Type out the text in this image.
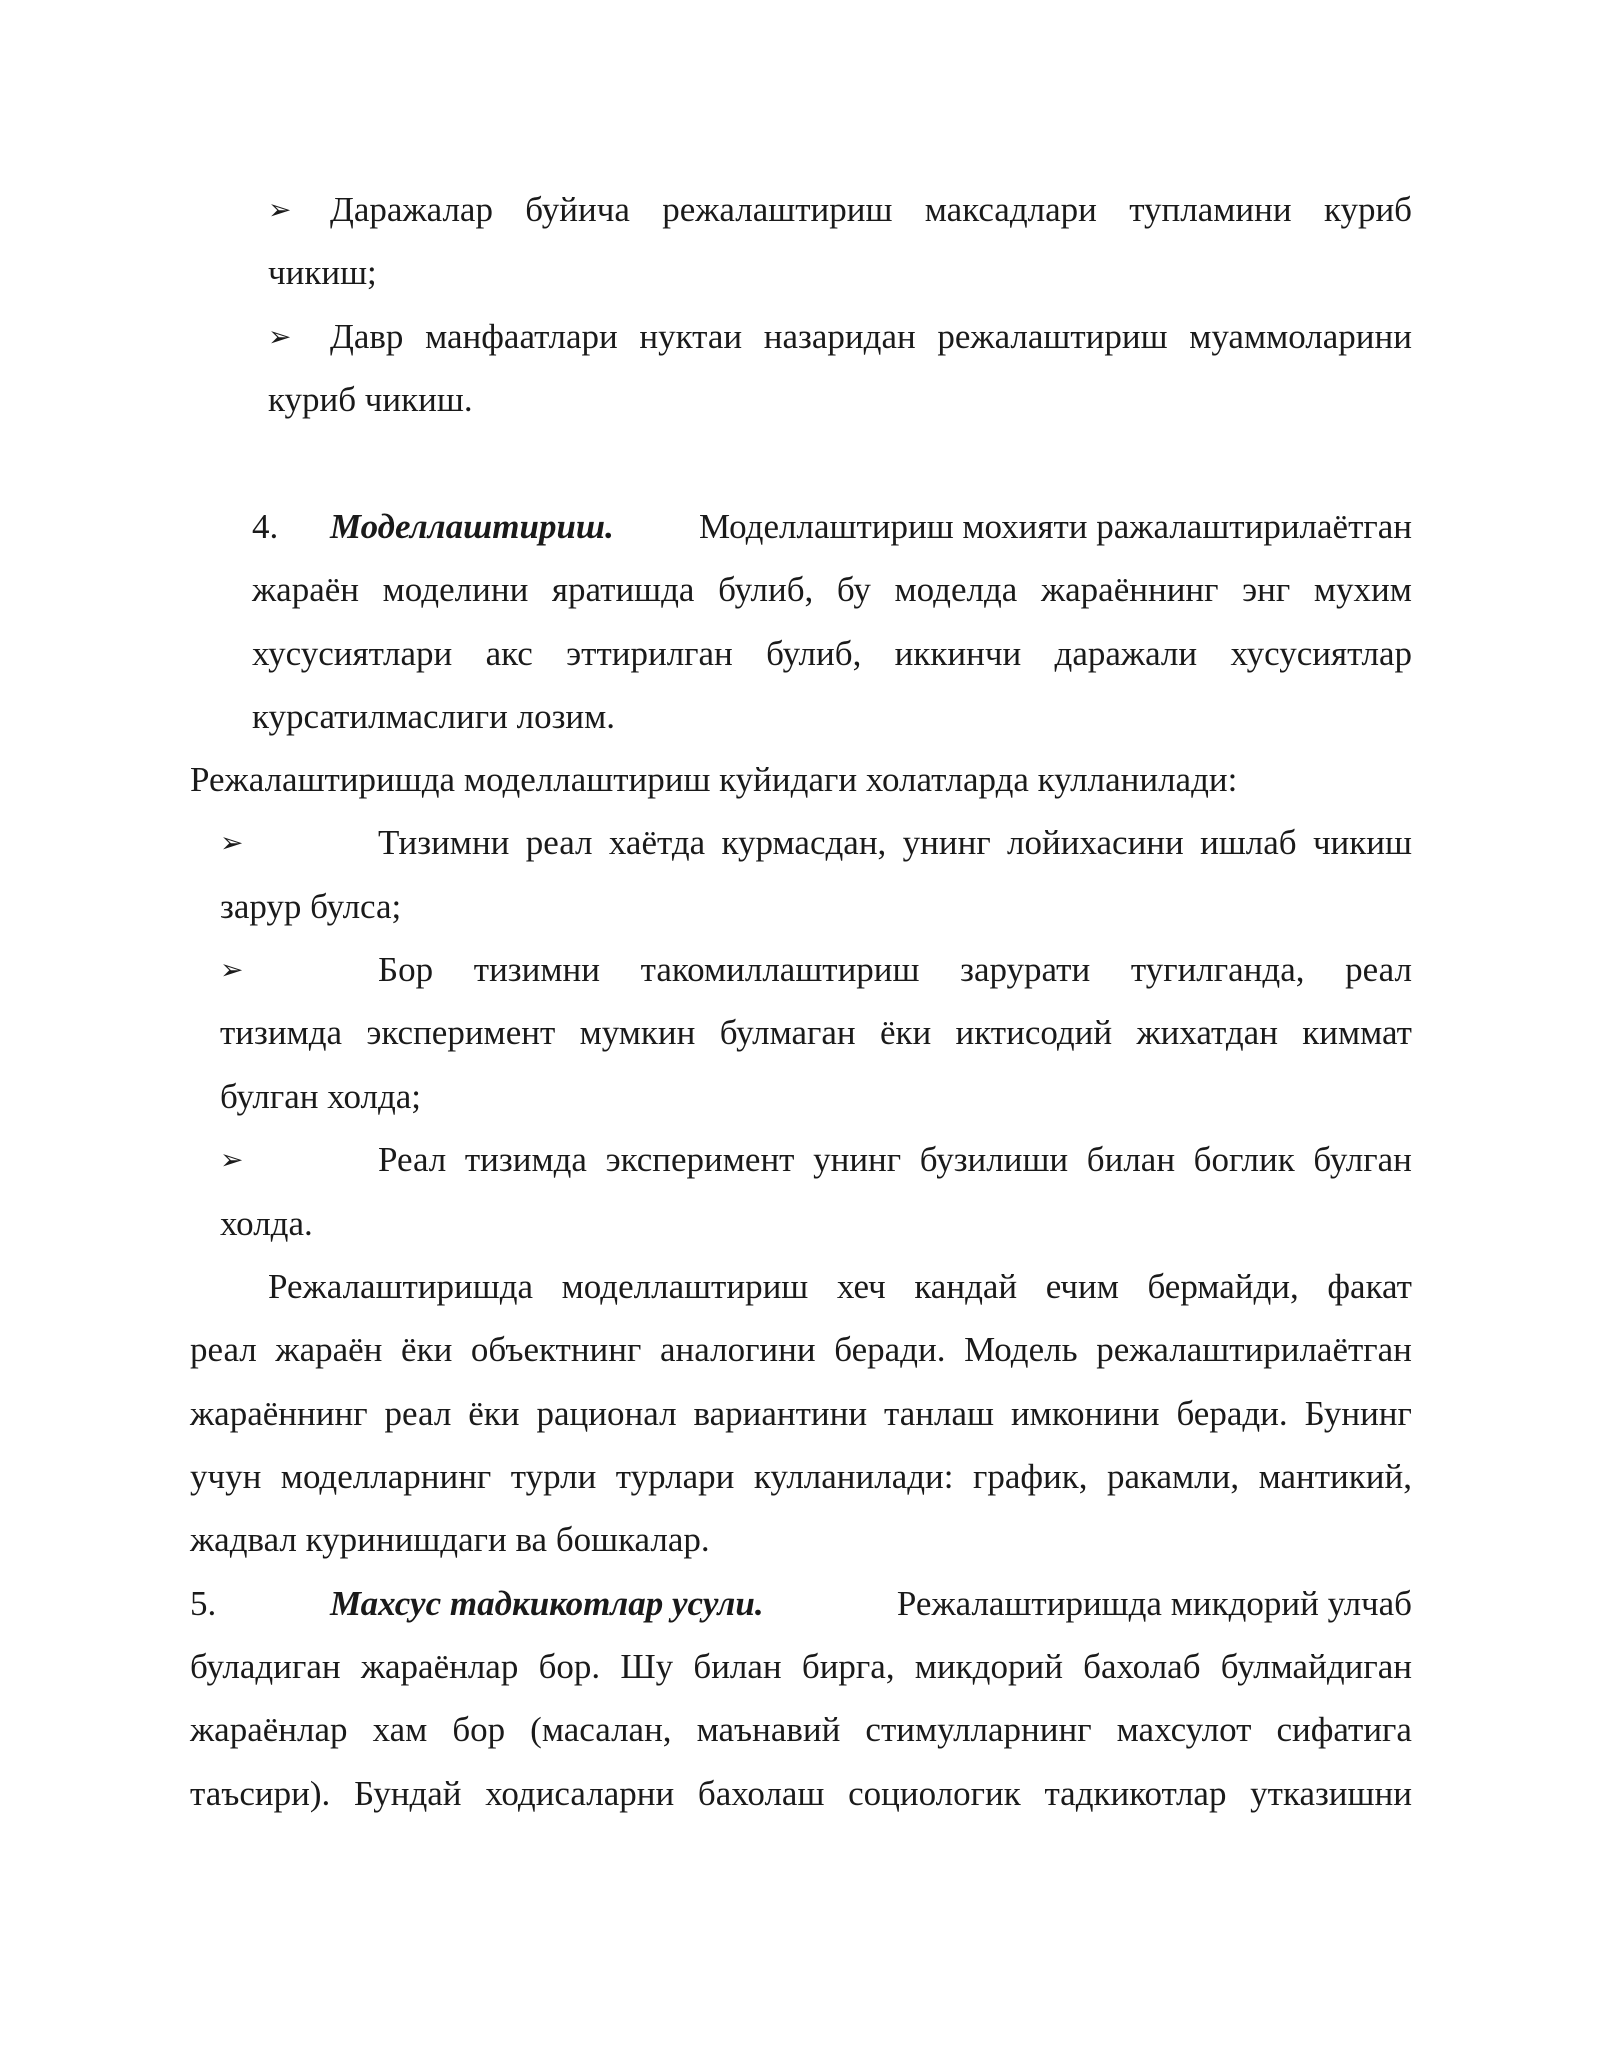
➢ Даражалар буйича режалаштириш максадлари тупламини куриб
чикиш;
➢ Давр манфаатлари нуктаи назаридан режалаштириш муаммоларини
куриб чикиш.
4. Моделлаштириш. Моделлаштириш мохияти ражалаштирилаётган
жараён моделини яратишда булиб, бу моделда жараённинг энг мухим
хусусиятлари акс эттирилган булиб, иккинчи даражали хусусиятлар
курсатилмаслиги лозим.
Режалаштиришда моделлаштириш куйидаги холатларда кулланилади:
➢	Тизимни реал хаётда курмасдан, унинг лойихасини ишлаб чикиш
зарур булса;
➢	Бор тизимни такомиллаштириш зарурати тугилганда, реал
тизимда эксперимент мумкин булмаган ёки иктисодий жихатдан киммат
булган холда;
➢	Реал тизимда эксперимент унинг бузилиши билан боглик булган
холда.
Режалаштиришда моделлаштириш хеч кандай ечим бермайди, факат
реал жараён ёки объектнинг аналогини беради. Модель режалаштирилаётган
жараённинг реал ёки рационал вариантини танлаш имконини беради. Бунинг
учун моделларнинг турли турлари кулланилади: график, ракамли, мантикий,
жадвал куринишдаги ва бошкалар.
5.	Махсус тадкикотлар усули.	Режалаштиришда микдорий улчаб
буладиган жараёнлар бор. Шу билан бирга, микдорий бахолаб булмайдиган
жараёнлар хам бор (масалан, маънавий стимулларнинг махсулот сифатига
таъсири). Бундай ходисаларни бахолаш социологик тадкикотлар утказишни
